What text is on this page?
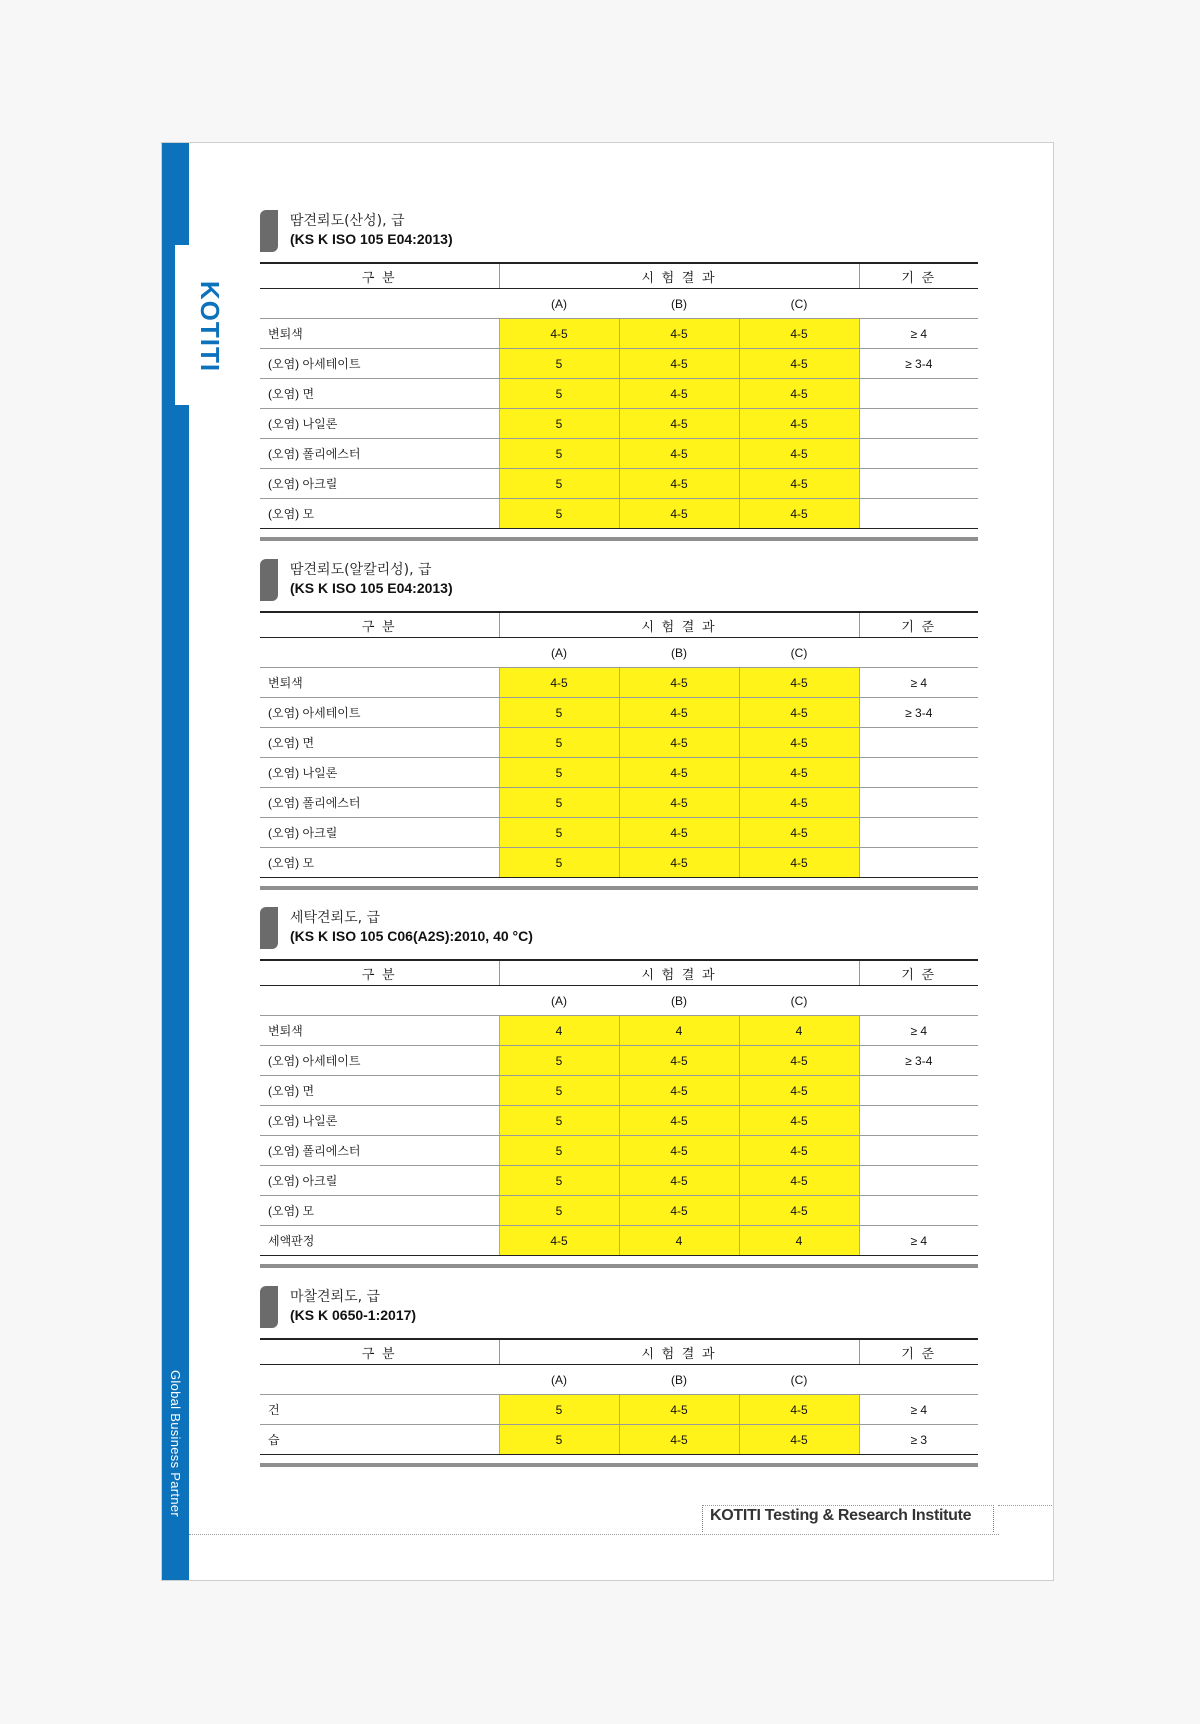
KOTITI
Global Business Partner
땀견뢰도(산성), 급
(KS K ISO 105 E04:2013)
구 분	시 험 결 과			기 준
	(A)	(B)	(C)	
변퇴색	4-5	4-5	4-5	≥ 4
(오염) 아세테이트	5	4-5	4-5	≥ 3-4
(오염) 면	5	4-5	4-5	
(오염) 나일론	5	4-5	4-5	
(오염) 폴리에스터	5	4-5	4-5	
(오염) 아크릴	5	4-5	4-5	
(오염) 모	5	4-5	4-5	
땀견뢰도(알칼리성), 급
(KS K ISO 105 E04:2013)
구 분	시 험 결 과			기 준
	(A)	(B)	(C)	
변퇴색	4-5	4-5	4-5	≥ 4
(오염) 아세테이트	5	4-5	4-5	≥ 3-4
(오염) 면	5	4-5	4-5	
(오염) 나일론	5	4-5	4-5	
(오염) 폴리에스터	5	4-5	4-5	
(오염) 아크릴	5	4-5	4-5	
(오염) 모	5	4-5	4-5	
세탁견뢰도, 급
(KS K ISO 105 C06(A2S):2010, 40 °C)
구 분	시 험 결 과			기 준
	(A)	(B)	(C)	
변퇴색	4	4	4	≥ 4
(오염) 아세테이트	5	4-5	4-5	≥ 3-4
(오염) 면	5	4-5	4-5	
(오염) 나일론	5	4-5	4-5	
(오염) 폴리에스터	5	4-5	4-5	
(오염) 아크릴	5	4-5	4-5	
(오염) 모	5	4-5	4-5	
세액판정	4-5	4	4	≥ 4
마찰견뢰도, 급
(KS K 0650-1:2017)
구 분	시 험 결 과			기 준
	(A)	(B)	(C)	
건	5	4-5	4-5	≥ 4
습	5	4-5	4-5	≥ 3
KOTITI Testing & Research Institute
